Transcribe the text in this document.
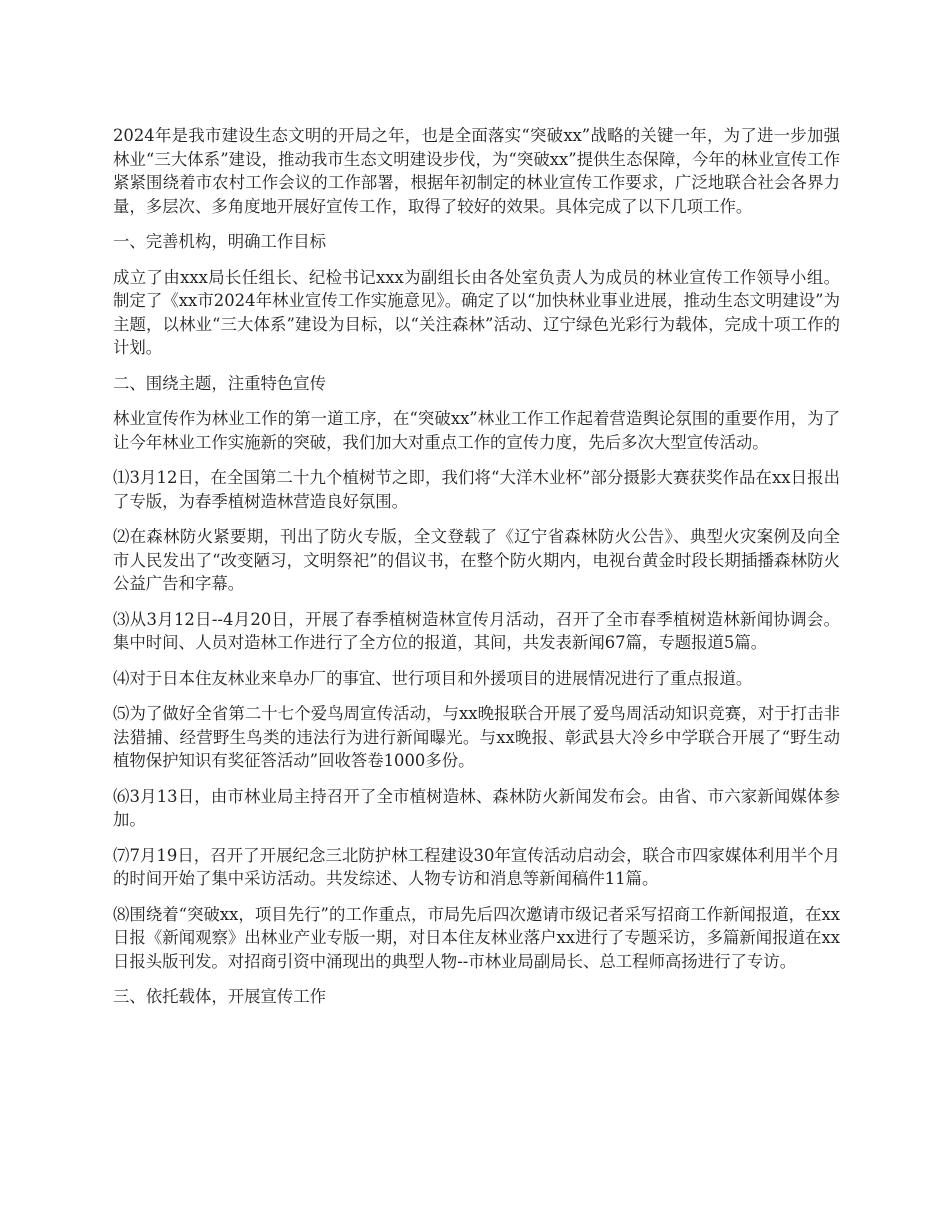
2024年是我市建设生态文明的开局之年，也是全面落实“突破xx”战略的关键一年，为了进一步加强林业“三大体系”建设，推动我市生态文明建设步伐，为“突破xx”提供生态保障，今年的林业宣传工作紧紧围绕着市农村工作会议的工作部署，根据年初制定的林业宣传工作要求，广泛地联合社会各界力量，多层次、多角度地开展好宣传工作，取得了较好的效果。具体完成了以下几项工作。

一、完善机构，明确工作目标

成立了由xxx局长任组长、纪检书记xxx为副组长由各处室负责人为成员的林业宣传工作领导小组。制定了《xx市2024年林业宣传工作实施意见》。确定了以“加快林业事业进展，推动生态文明建设”为主题，以林业“三大体系”建设为目标，以“关注森林”活动、辽宁绿色光彩行为载体，完成十项工作的计划。

二、围绕主题，注重特色宣传

林业宣传作为林业工作的第一道工序，在“突破xx”林业工作工作起着营造舆论氛围的重要作用，为了让今年林业工作实施新的突破，我们加大对重点工作的宣传力度，先后多次大型宣传活动。

⑴3月12日，在全国第二十九个植树节之即，我们将“大洋木业杯”部分摄影大赛获奖作品在xx日报出了专版，为春季植树造林营造良好氛围。

⑵在森林防火紧要期，刊出了防火专版，全文登载了《辽宁省森林防火公告》、典型火灾案例及向全市人民发出了“改变陋习，文明祭祀”的倡议书，在整个防火期内，电视台黄金时段长期插播森林防火公益广告和字幕。

⑶从3月12日--4月20日，开展了春季植树造林宣传月活动，召开了全市春季植树造林新闻协调会。集中时间、人员对造林工作进行了全方位的报道，其间，共发表新闻67篇，专题报道5篇。

⑷对于日本住友林业来阜办厂的事宜、世行项目和外援项目的进展情况进行了重点报道。

⑸为了做好全省第二十七个爱鸟周宣传活动，与xx晚报联合开展了爱鸟周活动知识竞赛，对于打击非法猎捕、经营野生鸟类的违法行为进行新闻曝光。与xx晚报、彰武县大冷乡中学联合开展了“野生动植物保护知识有奖征答活动”回收答卷1000多份。

⑹3月13日，由市林业局主持召开了全市植树造林、森林防火新闻发布会。由省、市六家新闻媒体参加。

⑺7月19日，召开了开展纪念三北防护林工程建设30年宣传活动启动会，联合市四家媒体利用半个月的时间开始了集中采访活动。共发综述、人物专访和消息等新闻稿件11篇。

⑻围绕着“突破xx，项目先行”的工作重点，市局先后四次邀请市级记者采写招商工作新闻报道，在xx日报《新闻观察》出林业产业专版一期，对日本住友林业落户xx进行了专题采访，多篇新闻报道在xx日报头版刊发。对招商引资中涌现出的典型人物--市林业局副局长、总工程师高扬进行了专访。

三、依托载体，开展宣传工作
